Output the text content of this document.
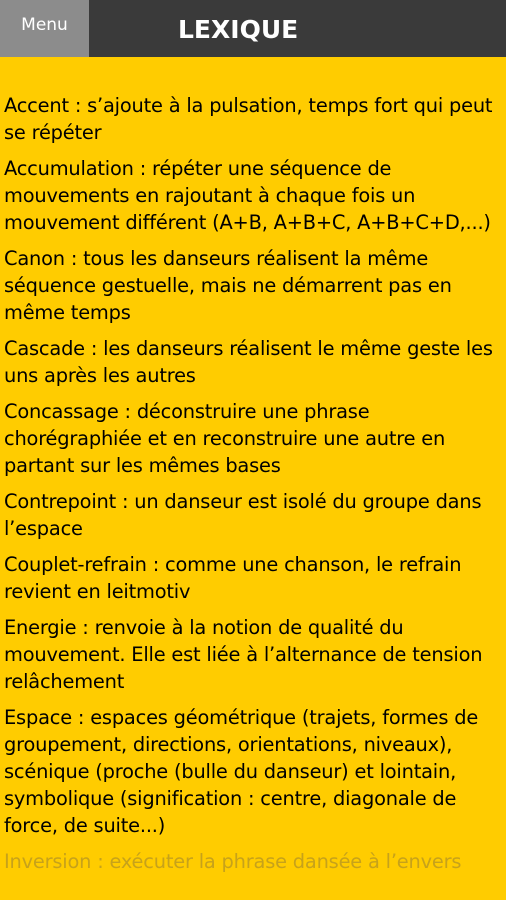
Menu	LEXIQUE

Accent : s’ajoute à la pulsation, temps fort qui peut se répéter

Accumulation : répéter une séquence de mouvements en rajoutant à chaque fois un mouvement différent (A+B, A+B+C, A+B+C+D,...)

Canon : tous les danseurs réalisent la même séquence gestuelle, mais ne démarrent pas en même temps

Cascade : les danseurs réalisent le même geste les uns après les autres

Concassage : déconstruire une phrase chorégraphiée et en reconstruire une autre en partant sur les mêmes bases

Contrepoint : un danseur est isolé du groupe dans l’espace

Couplet-refrain : comme une chanson, le refrain revient en leitmotiv

Energie : renvoie à la notion de qualité du mouvement. Elle est liée à l’alternance de tension relâchement

Espace : espaces géométrique (trajets, formes de groupement, directions, orientations, niveaux), scénique (proche (bulle du danseur) et lointain, symbolique (signification : centre, diagonale de force, de suite...)

Inversion : exécuter la phrase dansée à l’envers
